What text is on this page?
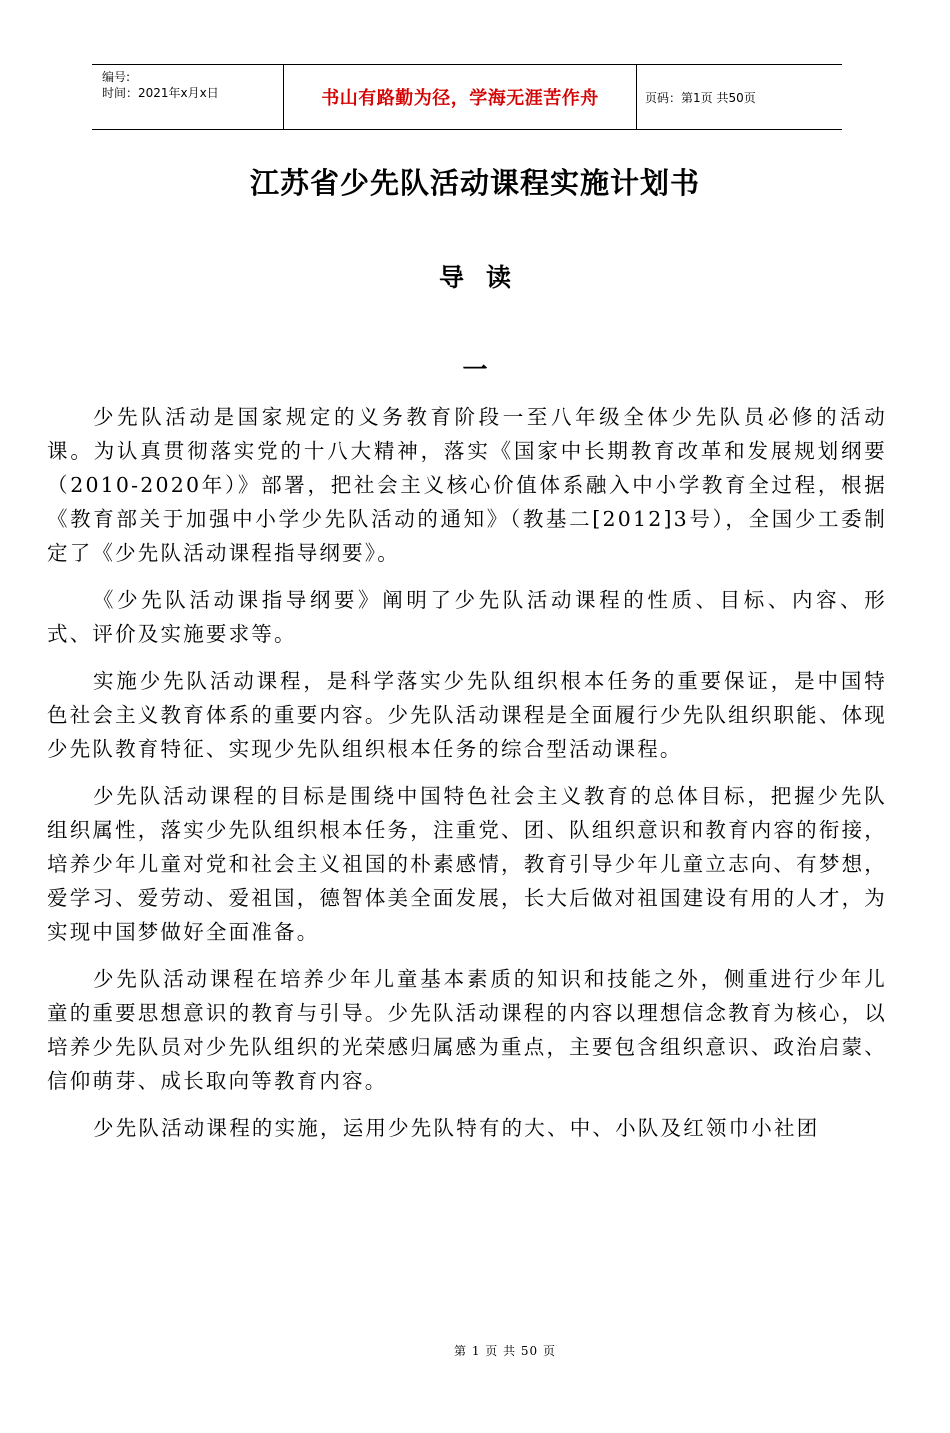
编号:
时间：2021年x月x日	书山有路勤为径，学海无涯苦作舟	页码：第1页 共50页
江苏省少先队活动课程实施计划书
导读
一

少先队活动是国家规定的义务教育阶段一至八年级全体少先队员必修的活动课。为认真贯彻落实党的十八大精神，落实《国家中长期教育改革和发展规划纲要（2010-2020年）》部署，把社会主义核心价值体系融入中小学教育全过程，根据《教育部关于加强中小学少先队活动的通知》（教基二[2012]3号），全国少工委制定了《少先队活动课程指导纲要》。

《少先队活动课指导纲要》阐明了少先队活动课程的性质、目标、内容、形式、评价及实施要求等。

实施少先队活动课程，是科学落实少先队组织根本任务的重要保证，是中国特色社会主义教育体系的重要内容。少先队活动课程是全面履行少先队组织职能、体现少先队教育特征、实现少先队组织根本任务的综合型活动课程。

少先队活动课程的目标是围绕中国特色社会主义教育的总体目标，把握少先队组织属性，落实少先队组织根本任务，注重党、团、队组织意识和教育内容的衔接，培养少年儿童对党和社会主义祖国的朴素感情，教育引导少年儿童立志向、有梦想，爱学习、爱劳动、爱祖国，德智体美全面发展，长大后做对祖国建设有用的人才，为实现中国梦做好全面准备。

少先队活动课程在培养少年儿童基本素质的知识和技能之外，侧重进行少年儿童的重要思想意识的教育与引导。少先队活动课程的内容以理想信念教育为核心，以培养少先队员对少先队组织的光荣感归属感为重点，主要包含组织意识、政治启蒙、信仰萌芽、成长取向等教育内容。

少先队活动课程的实施，运用少先队特有的大、中、小队及红领巾小社团

第 1 页 共 50 页
